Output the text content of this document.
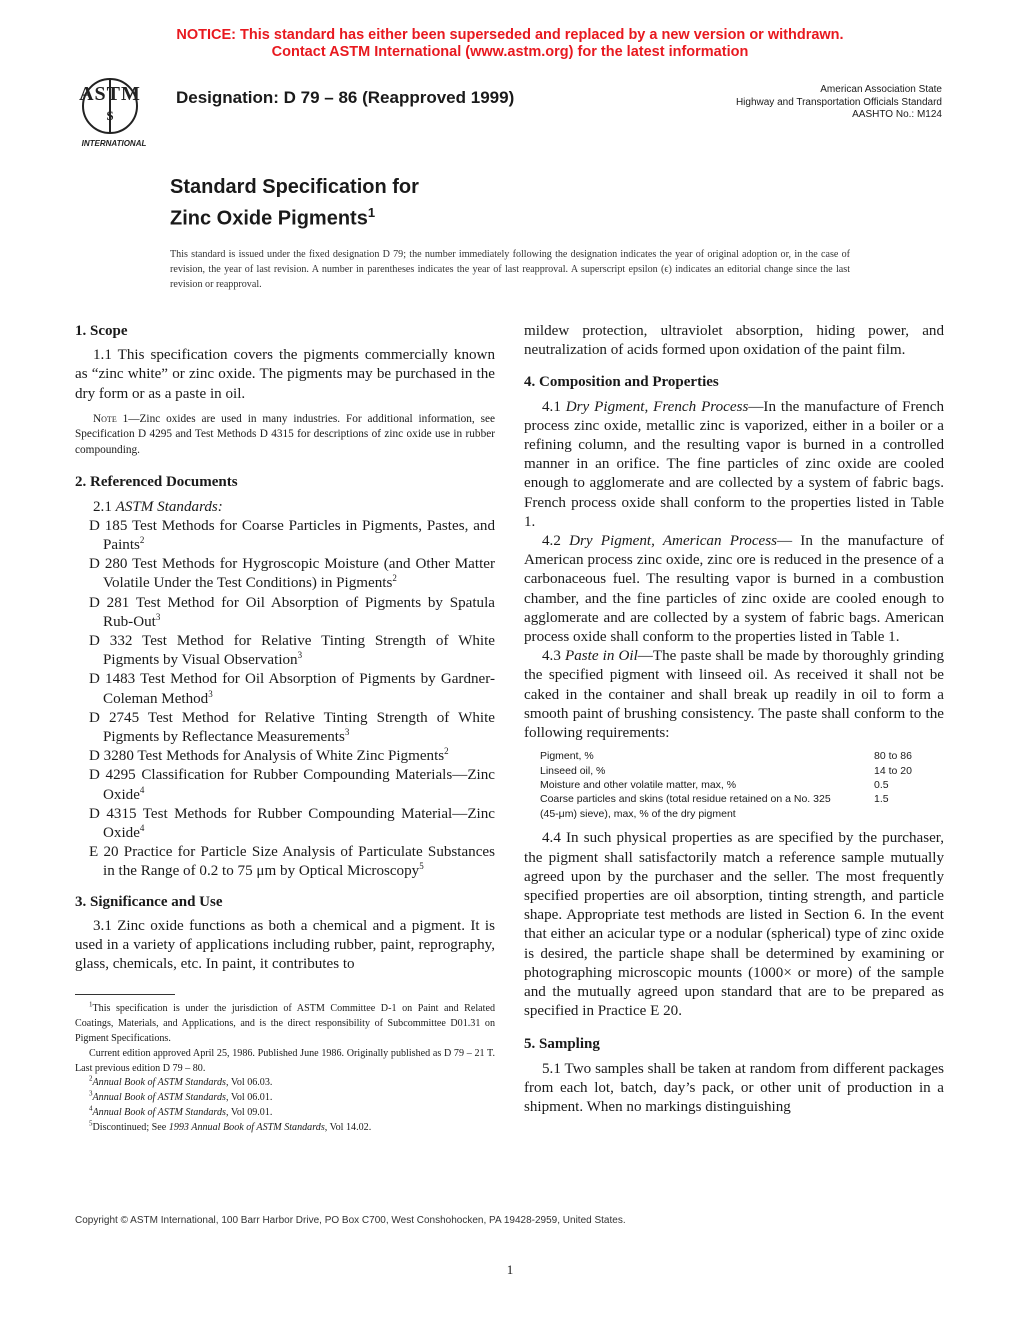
NOTICE: This standard has either been superseded and replaced by a new version or withdrawn.
Contact ASTM International (www.astm.org) for the latest information
ASTM
S
INTERNATIONAL
Designation: D 79 – 86 (Reapproved 1999)	American Association State
Highway and Transportation Officials Standard
AASHTO No.: M124
Standard Specification for
Zinc Oxide Pigments$^1$
This standard is issued under the fixed designation D 79; the number immediately following the designation indicates the year of original adoption or, in the case of revision, the year of last revision. A number in parentheses indicates the year of last reapproval. A superscript epsilon (ϵ) indicates an editorial change since the last revision or reapproval.
1. Scope

1.1 This specification covers the pigments commercially known as “zinc white” or zinc oxide. The pigments may be purchased in the dry form or as a paste in oil.

Note 1—Zinc oxides are used in many industries. For additional information, see Specification D 4295 and Test Methods D 4315 for descriptions of zinc oxide use in rubber compounding.

2. Referenced Documents

2.1 ASTM Standards:

D 185 Test Methods for Coarse Particles in Pigments, Pastes, and Paints$^2$

D 280 Test Methods for Hygroscopic Moisture (and Other Matter Volatile Under the Test Conditions) in Pigments$^2$

D 281 Test Method for Oil Absorption of Pigments by Spatula Rub-Out$^3$

D 332 Test Method for Relative Tinting Strength of White Pigments by Visual Observation$^3$

D 1483 Test Method for Oil Absorption of Pigments by Gardner-Coleman Method$^3$

D 2745 Test Method for Relative Tinting Strength of White Pigments by Reflectance Measurements$^3$

D 3280 Test Methods for Analysis of White Zinc Pigments$^2$

D 4295 Classification for Rubber Compounding Materials—Zinc Oxide$^4$

D 4315 Test Methods for Rubber Compounding Material—Zinc Oxide$^4$

E 20 Practice for Particle Size Analysis of Particulate Substances in the Range of 0.2 to 75 μm by Optical Microscopy$^5$

3. Significance and Use

3.1 Zinc oxide functions as both a chemical and a pigment. It is used in a variety of applications including rubber, paint, reprography, glass, chemicals, etc. In paint, it contributes to

$^1$This specification is under the jurisdiction of ASTM Committee D-1 on Paint and Related Coatings, Materials, and Applications, and is the direct responsibility of Subcommittee D01.31 on Pigment Specifications.

Current edition approved April 25, 1986. Published June 1986. Originally published as D 79 – 21 T. Last previous edition D 79 – 80.

$^2$Annual Book of ASTM Standards, Vol 06.03.

$^3$Annual Book of ASTM Standards, Vol 06.01.

$^4$Annual Book of ASTM Standards, Vol 09.01.

$^5$Discontinued; See 1993 Annual Book of ASTM Standards, Vol 14.02.

mildew protection, ultraviolet absorption, hiding power, and neutralization of acids formed upon oxidation of the paint film.

4. Composition and Properties

4.1 Dry Pigment, French Process—In the manufacture of French process zinc oxide, metallic zinc is vaporized, either in a boiler or a refining column, and the resulting vapor is burned in a controlled manner in an orifice. The fine particles of zinc oxide are cooled enough to agglomerate and are collected by a system of fabric bags. French process oxide shall conform to the properties listed in Table 1.

4.2 Dry Pigment, American Process— In the manufacture of American process zinc oxide, zinc ore is reduced in the presence of a carbonaceous fuel. The resulting vapor is burned in a combustion chamber, and the fine particles of zinc oxide are cooled enough to agglomerate and are collected by a system of fabric bags. American process oxide shall conform to the properties listed in Table 1.

4.3 Paste in Oil—The paste shall be made by thoroughly grinding the specified pigment with linseed oil. As received it shall not be caked in the container and shall break up readily in oil to form a smooth paint of brushing consistency. The paste shall conform to the following requirements:

Pigment, %	80 to 86
Linseed oil, %	14 to 20
Moisture and other volatile matter, max, %	0.5
Coarse particles and skins (total residue retained on a No. 325 (45-μm) sieve), max, % of the dry pigment	1.5

4.4 In such physical properties as are specified by the purchaser, the pigment shall satisfactorily match a reference sample mutually agreed upon by the purchaser and the seller. The most frequently specified properties are oil absorption, tinting strength, and particle shape. Appropriate test methods are listed in Section 6. In the event that either an acicular type or a nodular (spherical) type of zinc oxide is desired, the particle shape shall be determined by examining or photographing microscopic mounts (1000× or more) of the sample and the mutually agreed upon standard that are to be prepared as specified in Practice E 20.

5. Sampling

5.1 Two samples shall be taken at random from different packages from each lot, batch, day’s pack, or other unit of production in a shipment. When no markings distinguishing

Copyright © ASTM International, 100 Barr Harbor Drive, PO Box C700, West Conshohocken, PA 19428-2959, United States.
1
